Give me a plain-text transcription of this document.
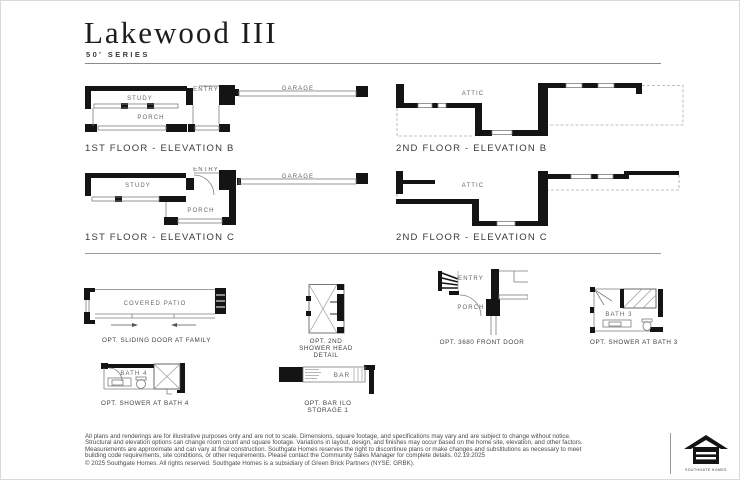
Lakewood III
50' SERIES
STUDY
ENTRY	GARAGE
PORCH
1ST FLOOR - ELEVATION B
ATTIC
2ND FLOOR - ELEVATION B
STUDY
ENTRY
GARAGE
PORCH
1ST FLOOR - ELEVATION C
ATTIC
2ND FLOOR - ELEVATION C
COVERED PATIO
OPT. SLIDING DOOR AT FAMILY	OPT. 2ND SHOWER HEAD DETAIL
ENTRY
PORCH
OPT. 3680 FRONT DOOR
BATH 3
OPT. SHOWER AT BATH 3
BATH 4
OPT. SHOWER AT BATH 4
BAR
OPT. BAR ILO STORAGE 1
All plans and renderings are for illustrative purposes only and are not to scale. Dimensions, square footage, and specifications may vary and are subject to change without notice.
Structural and elevation options can change room count and square footage. Variations in layout, design, and finishes may occur based on the home site, elevation, and other factors.
Measurements are approximate and can vary at final construction. Southgate Homes reserves the right to discontinue plans or make changes and substitutions as necessary to meet
building code requirements, site conditions, or other requirements. Please contact the Community Sales Manager for complete details. 02.19.2025
© 2025 Southgate Homes. All rights reserved. Southgate Homes is a subsidiary of Green Brick Partners (NYSE: GRBK).
SOUTHGATE HOMES
